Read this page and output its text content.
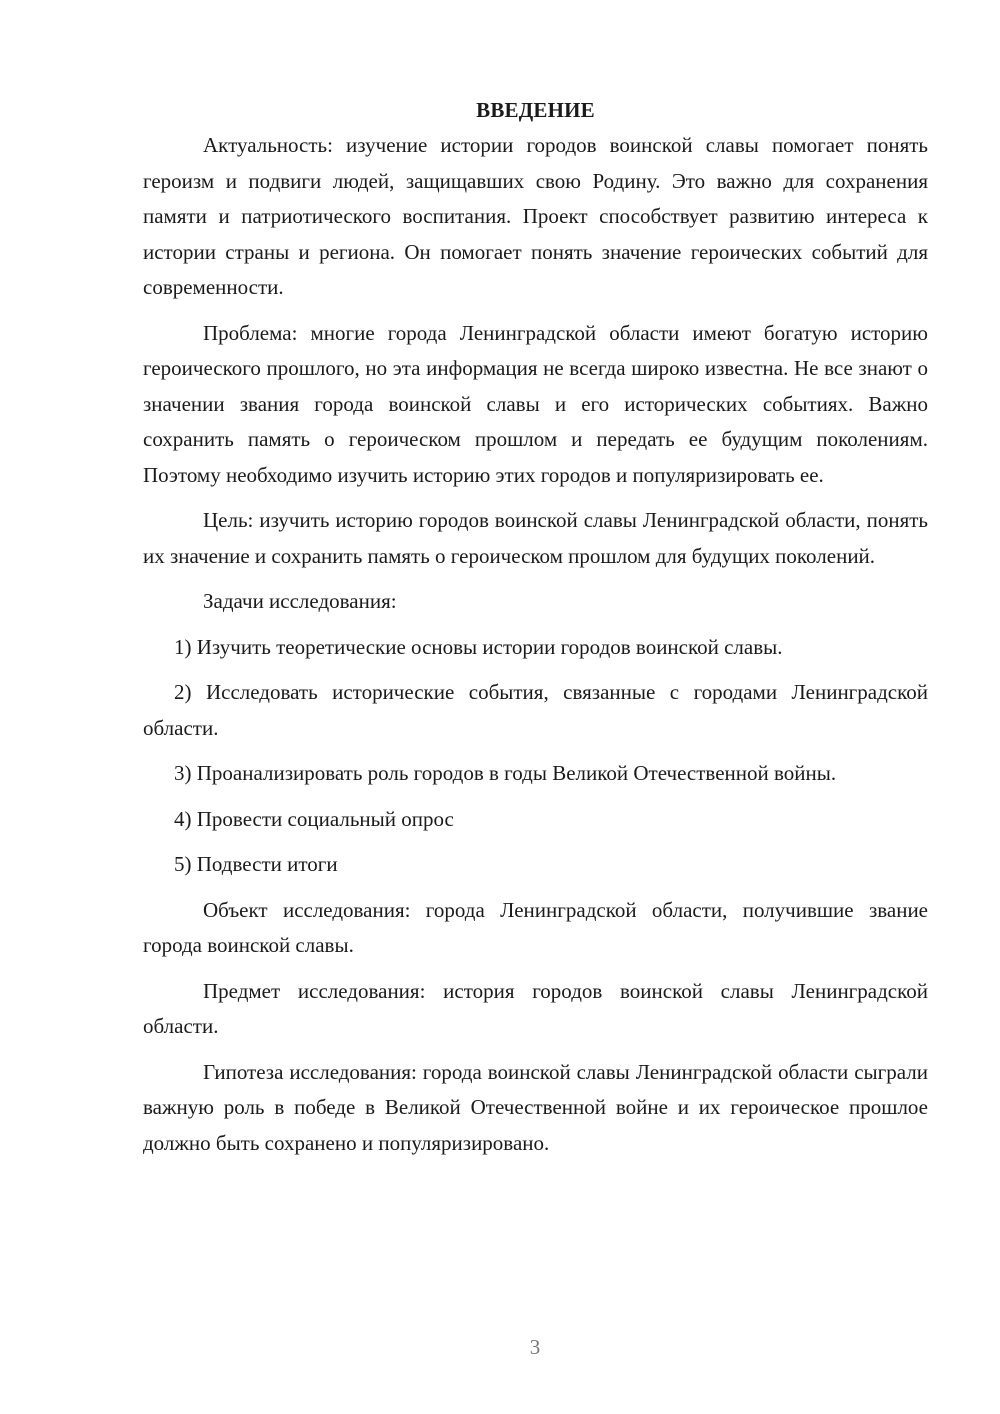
ВВЕДЕНИЕ

Актуальность: изучение истории городов воинской славы помогает понять героизм и подвиги людей, защищавших свою Родину. Это важно для сохранения памяти и патриотического воспитания. Проект способствует развитию интереса к истории страны и региона. Он помогает понять значение героических событий для современности.

Проблема: многие города Ленинградской области имеют богатую историю героического прошлого, но эта информация не всегда широко известна. Не все знают о значении звания города воинской славы и его исторических событиях. Важно сохранить память о героическом прошлом и передать ее будущим поколениям. Поэтому необходимо изучить историю этих городов и популяризировать ее.

Цель: изучить историю городов воинской славы Ленинградской области, понять их значение и сохранить память о героическом прошлом для будущих поколений.

Задачи исследования:

1) Изучить теоретические основы истории городов воинской славы.

2) Исследовать исторические события, связанные с городами Ленинградской области.

3) Проанализировать роль городов в годы Великой Отечественной войны.

4) Провести социальный опрос

5) Подвести итоги

Объект исследования: города Ленинградской области, получившие звание города воинской славы.

Предмет исследования: история городов воинской славы Ленинградской области.

Гипотеза исследования: города воинской славы Ленинградской области сыграли важную роль в победе в Великой Отечественной войне и их героическое прошлое должно быть сохранено и популяризировано.

3
